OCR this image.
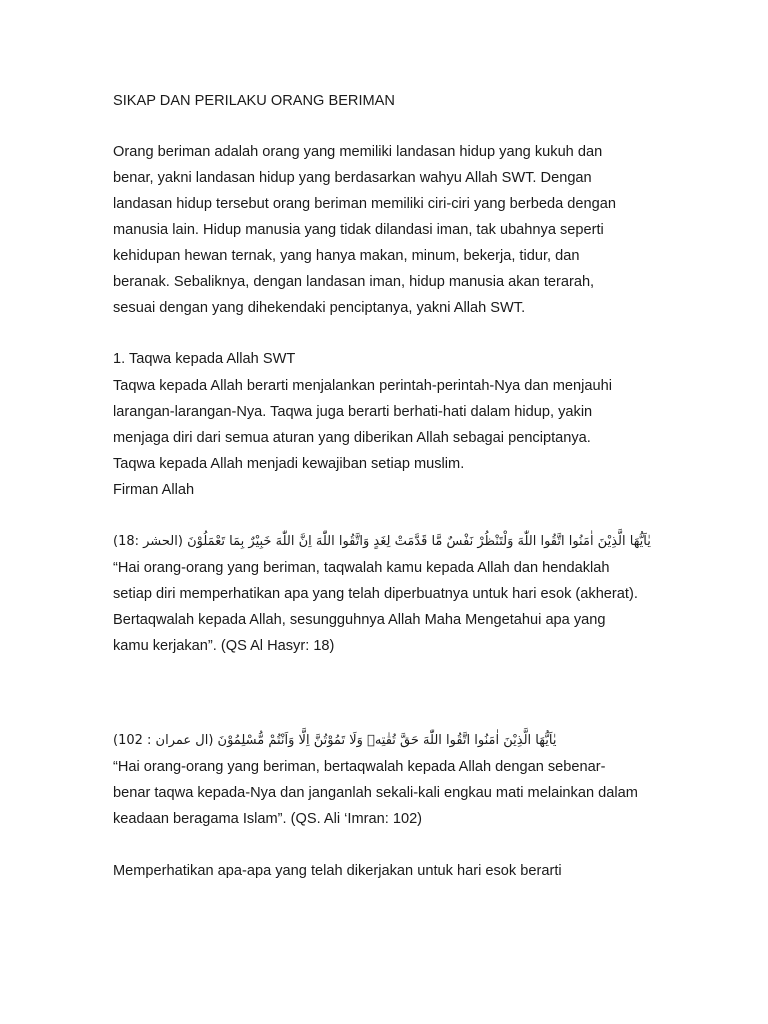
SIKAP DAN PERILAKU ORANG BERIMAN
Orang beriman adalah orang yang memiliki landasan hidup yang kukuh dan
benar, yakni landasan hidup yang berdasarkan wahyu Allah SWT. Dengan
landasan hidup tersebut orang beriman memiliki ciri-ciri yang berbeda dengan
manusia lain. Hidup manusia yang tidak dilandasi iman, tak ubahnya seperti
kehidupan hewan ternak, yang hanya makan, minum, bekerja, tidur, dan
beranak. Sebaliknya, dengan landasan iman, hidup manusia akan terarah,
sesuai dengan yang dihekendaki penciptanya, yakni Allah SWT.
1. Taqwa kepada Allah SWT
Taqwa kepada Allah berarti menjalankan perintah-perintah-Nya dan menjauhi
larangan-larangan-Nya. Taqwa juga berarti berhati-hati dalam hidup, yakin
menjaga diri dari semua aturan yang diberikan Allah sebagai penciptanya.
Taqwa kepada Allah menjadi kewajiban setiap muslim.
Firman Allah
يٰاَيُّهَا الَّذِيْنَ اٰمَنُوا اتَّقُوا اللّٰهَ وَلْتَنْظُرْ نَفْسٌ مَّا قَدَّمَتْ لِغَدٍ وَاتَّقُوا اللّٰهَ اِنَّ اللّٰهَ خَبِيْرٌ بِمَا تَعْمَلُوْنَ (الحشر :18)
“Hai orang-orang yang beriman, taqwalah kamu kepada Allah dan hendaklah
setiap diri memperhatikan apa yang telah diperbuatnya untuk hari esok (akherat).
Bertaqwalah kepada Allah, sesungguhnya Allah Maha Mengetahui apa yang
kamu kerjakan”. (QS Al Hasyr: 18)
يٰاَيُّهَا الَّذِيْنَ اٰمَنُوا اتَّقُوا اللّٰهَ حَقَّ تُقٰتِهٖ وَلَا تَمُوْتُنَّ اِلَّا وَاَنْتُمْ مُّسْلِمُوْنَ (ال عمران : 102)
“Hai orang-orang yang beriman, bertaqwalah kepada Allah dengan sebenar-
benar taqwa kepada-Nya dan janganlah sekali-kali engkau mati melainkan dalam
keadaan beragama Islam”. (QS. Ali ‘Imran: 102)
Memperhatikan apa-apa yang telah dikerjakan untuk hari esok berarti
